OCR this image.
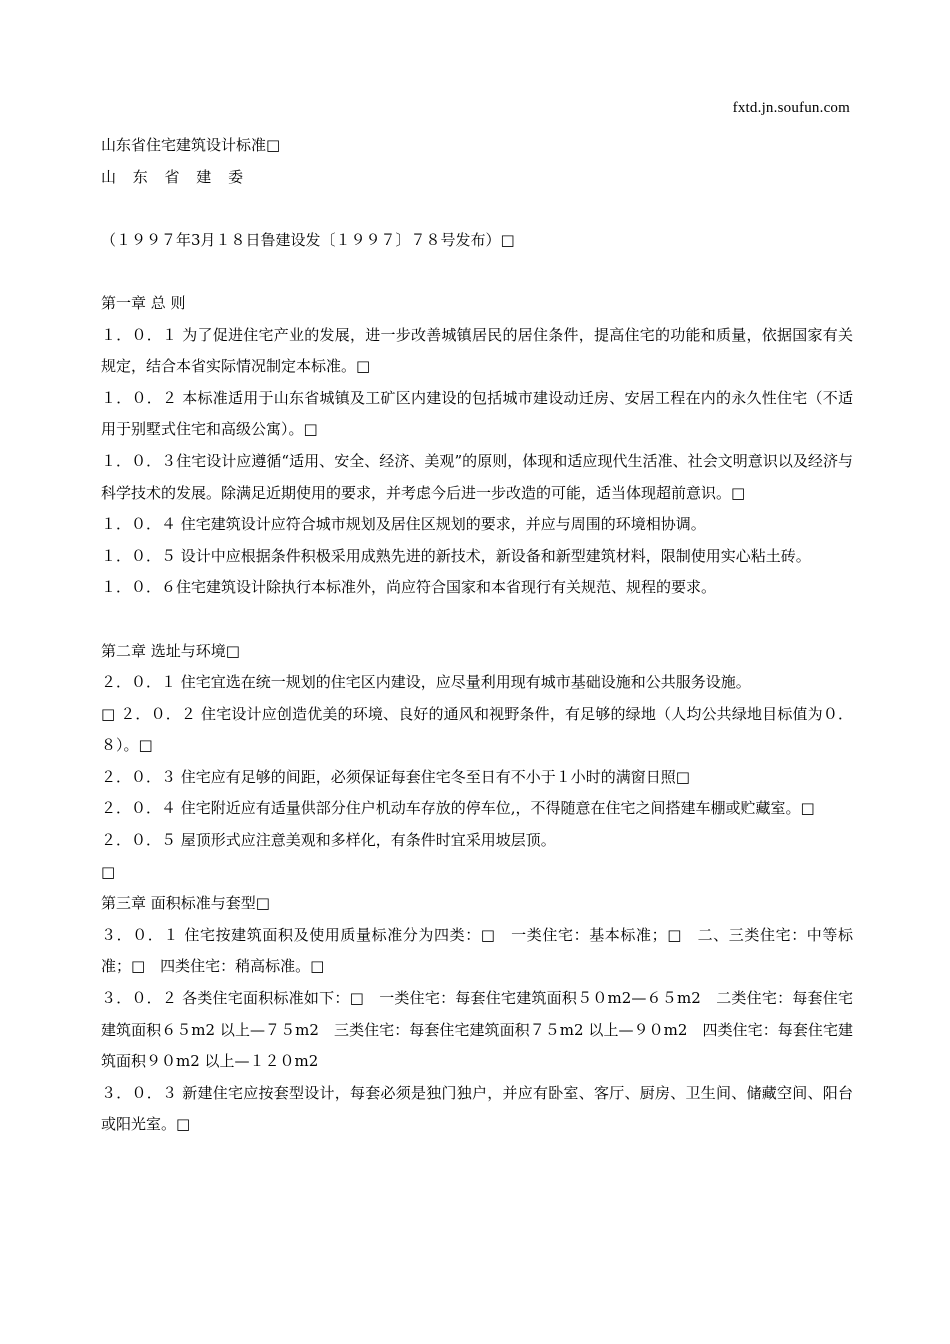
fxtd.jn.soufun.com

山东省住宅建筑设计标准□

山 东 省 建 委

（１９９７年3月１８日鲁建设发〔１９９７〕７８号发布）□

第一章 总 则

１．０．１ 为了促进住宅产业的发展，进一步改善城镇居民的居住条件，提高住宅的功能和质量，依据国家有关规定，结合本省实际情况制定本标准。□

１．０．２ 本标准适用于山东省城镇及工矿区内建设的包括城市建设动迁房、安居工程在内的永久性住宅（不适用于别墅式住宅和高级公寓）。□

１．０．３住宅设计应遵循“适用、安全、经济、美观”的原则，体现和适应现代生活准、社会文明意识以及经济与科学技术的发展。除满足近期使用的要求，并考虑今后进一步改造的可能，适当体现超前意识。□

１．０．４ 住宅建筑设计应符合城市规划及居住区规划的要求，并应与周围的环境相协调。

１．０．５ 设计中应根据条件积极采用成熟先进的新技术，新设备和新型建筑材料，限制使用实心粘土砖。

１．０．６住宅建筑设计除执行本标准外，尚应符合国家和本省现行有关规范、规程的要求。

第二章 选址与环境□

２．０．１ 住宅宜选在统一规划的住宅区内建设，应尽量利用现有城市基础设施和公共服务设施。

□ ２．０．２ 住宅设计应创造优美的环境、良好的通风和视野条件，有足够的绿地（人均公共绿地目标值为０．８）。□

２．０．３ 住宅应有足够的间距，必须保证每套住宅冬至日有不小于１小时的满窗日照□

２．０．４ 住宅附近应有适量供部分住户机动车存放的停车位,，不得随意在住宅之间搭建车棚或贮藏室。□

２．０．５ 屋顶形式应注意美观和多样化，有条件时宜采用坡层顶。

□

第三章 面积标准与套型□

３．０．１ 住宅按建筑面积及使用质量标准分为四类：□　一类住宅：基本标准；□　二、三类住宅：中等标准；□　四类住宅：稍高标准。□

３．０．２ 各类住宅面积标准如下：□　一类住宅：每套住宅建筑面积５０m2—６５m2　二类住宅：每套住宅建筑面积６５m2 以上—７５m2　三类住宅：每套住宅建筑面积７５m2 以上—９０m2　四类住宅：每套住宅建筑面积９０m2 以上—１２０m2

３．０．３ 新建住宅应按套型设计，每套必须是独门独户，并应有卧室、客厅、厨房、卫生间、储藏空间、阳台或阳光室。□
